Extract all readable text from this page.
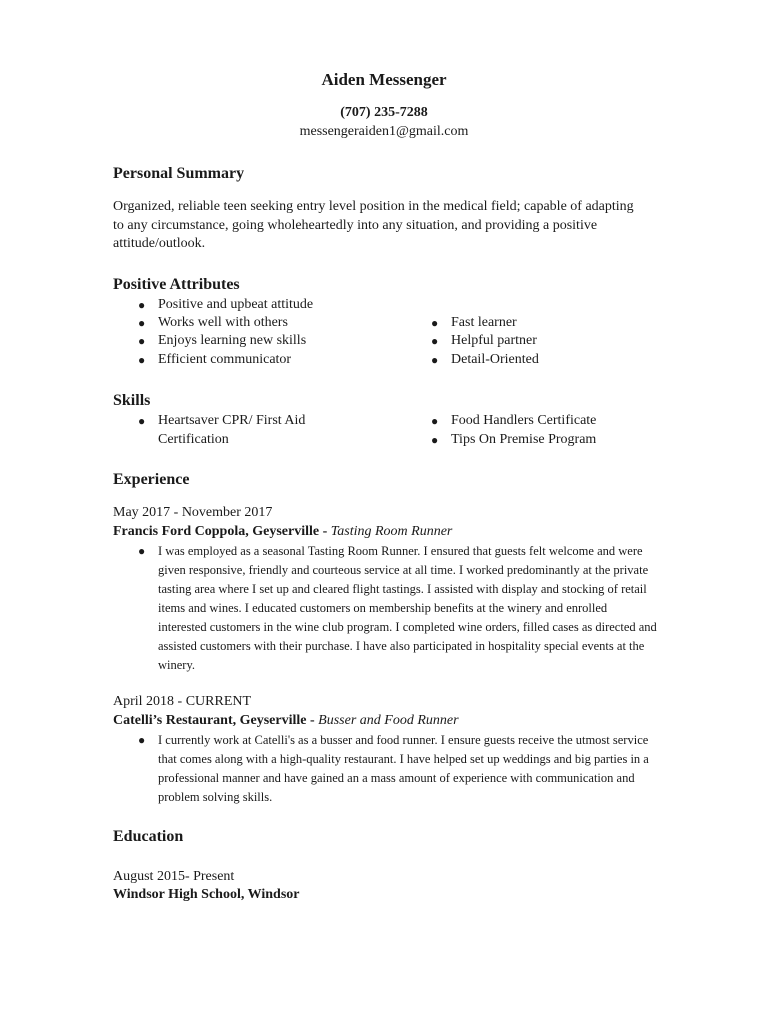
Aiden Messenger
(707) 235-7288
messengeraiden1@gmail.com
Personal Summary
Organized, reliable teen seeking entry level position in the medical field; capable of adapting to any circumstance, going wholeheartedly into any situation, and providing a positive attitude/outlook.
Positive Attributes
● Positive and upbeat attitude
● Works well with others
● Enjoys learning new skills
● Efficient communicator
● Fast learner
● Helpful partner
● Detail-Oriented
Skills
● Heartsaver CPR/ First Aid Certification
● Food Handlers Certificate
● Tips On Premise Program
Experience
May 2017 - November 2017
Francis Ford Coppola, Geyserville - Tasting Room Runner
● I was employed as a seasonal Tasting Room Runner. I ensured that guests felt welcome and were given responsive, friendly and courteous service at all time. I worked predominantly at the private tasting area where I set up and cleared flight tastings. I assisted with display and stocking of retail items and wines. I educated customers on membership benefits at the winery and enrolled interested customers in the wine club program. I completed wine orders, filled cases as directed and assisted customers with their purchase. I have also participated in hospitality special events at the winery.
April 2018 - CURRENT
Catelli’s Restaurant, Geyserville - Busser and Food Runner
● I currently work at Catelli's as a busser and food runner. I ensure guests receive the utmost service that comes along with a high-quality restaurant. I have helped set up weddings and big parties in a professional manner and have gained an a mass amount of experience with communication and problem solving skills.
Education
August 2015- Present
Windsor High School, Windsor
